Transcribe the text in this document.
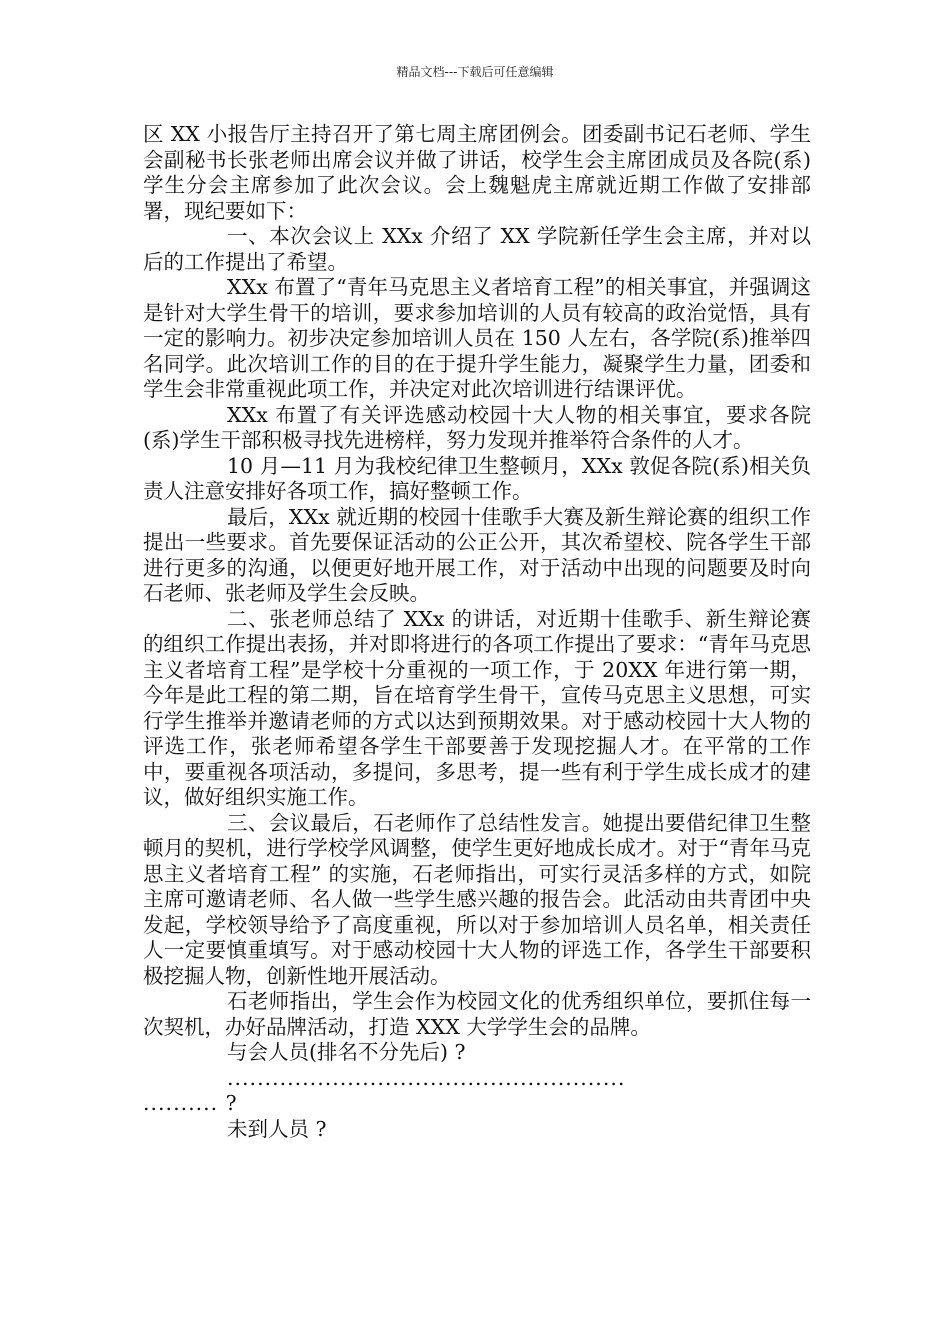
精品文档---下载后可任意编辑

区 XX 小报告厅主持召开了第七周主席团例会。团委副书记石老师、学生会副秘书长张老师出席会议并做了讲话，校学生会主席团成员及各院(系)学生分会主席参加了此次会议。会上魏魁虎主席就近期工作做了安排部署，现纪要如下：

一、本次会议上 XXx 介绍了 XX 学院新任学生会主席，并对以后的工作提出了希望。

XXx 布置了“青年马克思主义者培育工程”的相关事宜，并强调这是针对大学生骨干的培训，要求参加培训的人员有较高的政治觉悟，具有一定的影响力。初步决定参加培训人员在 150 人左右，各学院(系)推举四名同学。此次培训工作的目的在于提升学生能力，凝聚学生力量，团委和学生会非常重视此项工作，并决定对此次培训进行结课评优。

XXx 布置了有关评选感动校园十大人物的相关事宜，要求各院(系)学生干部积极寻找先进榜样，努力发现并推举符合条件的人才。

10 月—11 月为我校纪律卫生整顿月，XXx 敦促各院(系)相关负责人注意安排好各项工作，搞好整顿工作。

最后，XXx 就近期的校园十佳歌手大赛及新生辩论赛的组织工作提出一些要求。首先要保证活动的公正公开，其次希望校、院各学生干部进行更多的沟通，以便更好地开展工作，对于活动中出现的问题要及时向石老师、张老师及学生会反映。

二、张老师总结了 XXx 的讲话，对近期十佳歌手、新生辩论赛的组织工作提出表扬，并对即将进行的各项工作提出了要求：“青年马克思主义者培育工程”是学校十分重视的一项工作，于 20XX 年进行第一期，今年是此工程的第二期，旨在培育学生骨干，宣传马克思主义思想，可实行学生推举并邀请老师的方式以达到预期效果。对于感动校园十大人物的评选工作，张老师希望各学生干部要善于发现挖掘人才。在平常的工作中，要重视各项活动，多提问，多思考，提一些有利于学生成长成才的建议，做好组织实施工作。

三、会议最后，石老师作了总结性发言。她提出要借纪律卫生整顿月的契机，进行学校学风调整，使学生更好地成长成才。对于“青年马克思主义者培育工程” 的实施，石老师指出，可实行灵活多样的方式，如院主席可邀请老师、名人做一些学生感兴趣的报告会。此活动由共青团中央发起，学校领导给予了高度重视，所以对于参加培训人员名单，相关责任人一定要慎重填写。对于感动校园十大人物的评选工作，各学生干部要积极挖掘人物，创新性地开展活动。

石老师指出，学生会作为校园文化的优秀组织单位，要抓住每一次契机，办好品牌活动，打造 XXX 大学学生会的品牌。

与会人员(排名不分先后) ?

.....................................................

.......... ?

未到人员 ?
